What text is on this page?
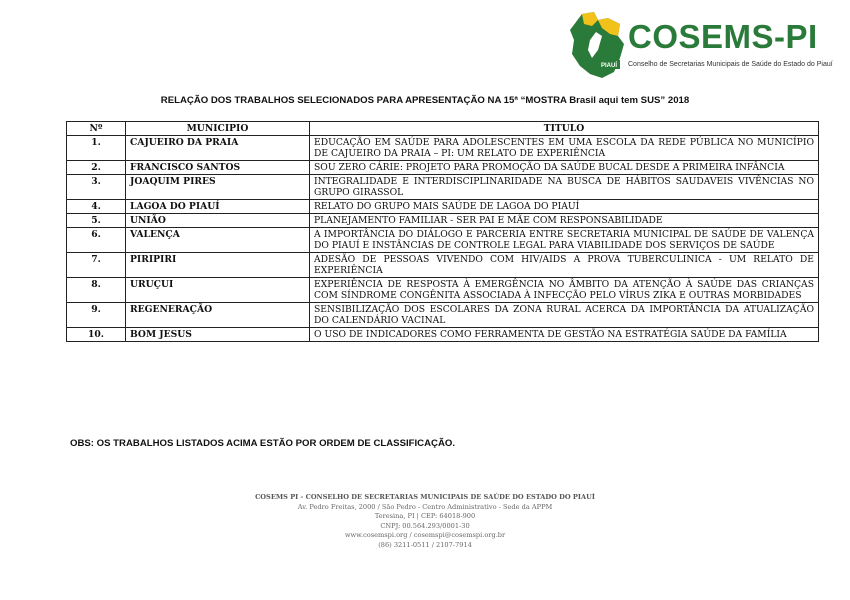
PIAUÍ
COSEMS-PI
Conselho de Secretarias Municipais de Saúde do Estado do Piauí
RELAÇÃO DOS TRABALHOS SELECIONADOS PARA APRESENTAÇÃO NA 15ª “MOSTRA Brasil aqui tem SUS” 2018
Nº	MUNICIPIO	TITULO
1.	CAJUEIRO DA PRAIA	EDUCAÇÃO EM SAÚDE PARA ADOLESCENTES EM UMA ESCOLA DA REDE PÚBLICA NO MUNICÍPIO DE CAJUEIRO DA PRAIA – PI: UM RELATO DE EXPERIÊNCIA
2.	FRANCISCO SANTOS	SOU ZERO CÁRIE: PROJETO PARA PROMOÇÃO DA SAÚDE BUCAL DESDE A PRIMEIRA INFÂNCIA
3.	JOAQUIM PIRES	INTEGRALIDADE E INTERDISCIPLINARIDADE NA BUSCA DE HÁBITOS SAUDAVEIS VIVÊNCIAS NO GRUPO GIRASSOL
4.	LAGOA DO PIAUÍ	RELATO DO GRUPO MAIS SAÚDE DE LAGOA DO PIAUÍ
5.	UNIÃO	PLANEJAMENTO FAMILIAR - SER PAI E MÃE COM RESPONSABILIDADE
6.	VALENÇA	A IMPORTÂNCIA DO DIÁLOGO E PARCERIA ENTRE SECRETARIA MUNICIPAL DE SAÚDE DE VALENÇA DO PIAUÍ E INSTÂNCIAS DE CONTROLE LEGAL PARA VIABILIDADE DOS SERVIÇOS DE SAÚDE
7.	PIRIPIRI	ADESÃO DE PESSOAS VIVENDO COM HIV/AIDS A PROVA TUBERCULINICA - UM RELATO DE EXPERIÊNCIA
8.	URUÇUI	EXPERIÊNCIA DE RESPOSTA À EMERGÊNCIA NO ÂMBITO DA ATENÇÃO À SAÚDE DAS CRIANÇAS COM SÍNDROME CONGÊNITA ASSOCIADA À INFECÇÃO PELO VÍRUS ZIKA E OUTRAS MORBIDADES
9.	REGENERAÇÃO	SENSIBILIZAÇÃO DOS ESCOLARES DA ZONA RURAL ACERCA DA IMPORTÂNCIA DA ATUALIZAÇÃO DO CALENDÁRIO VACINAL
10.	BOM JESUS	O USO DE INDICADORES COMO FERRAMENTA DE GESTÃO NA ESTRATÉGIA SAÚDE DA FAMÍLIA
OBS: OS TRABALHOS LISTADOS ACIMA ESTÃO POR ORDEM DE CLASSIFICAÇÃO.
COSEMS PI - CONSELHO DE SECRETARIAS MUNICIPAIS DE SAÚDE DO ESTADO DO PIAUÍ
Av. Pedro Freitas, 2000 / São Pedro - Centro Administrativo - Sede da APPM
Teresina, PI | CEP: 64018-900
CNPJ: 00.564.293/0001-30
www.cosemspi.org / cosemspi@cosemspi.org.br
(86) 3211-0511 / 2107-7914
